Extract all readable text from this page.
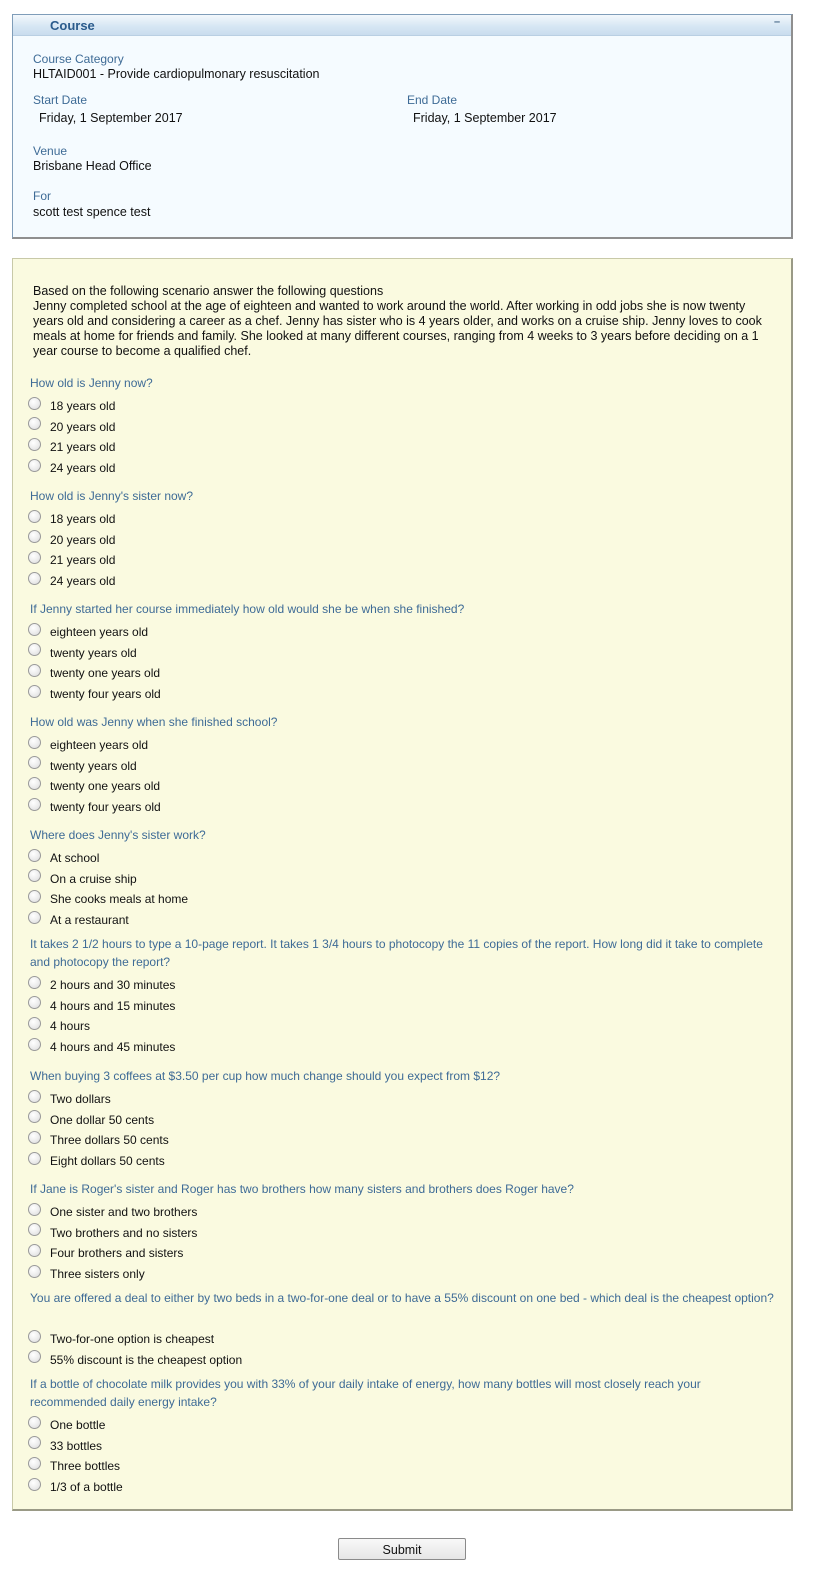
Course	–
Course Category
HLTAID001 - Provide cardiopulmonary resuscitation
Start Date
Friday, 1 September 2017
End Date
Friday, 1 September 2017
Venue
Brisbane Head Office
For
scott test spence test
Based on the following scenario answer the following questions
Jenny completed school at the age of eighteen and wanted to work around the world. After working in odd jobs she is now twenty years old and considering a career as a chef. Jenny has sister who is 4 years older, and works on a cruise ship. Jenny loves to cook meals at home for friends and family. She looked at many different courses, ranging from 4 weeks to 3 years before deciding on a 1 year course to become a qualified chef.
How old is Jenny now?
18 years old
20 years old
21 years old
24 years old
How old is Jenny's sister now?
18 years old
20 years old
21 years old
24 years old
If Jenny started her course immediately how old would she be when she finished?
eighteen years old
twenty years old
twenty one years old
twenty four years old
How old was Jenny when she finished school?
eighteen years old
twenty years old
twenty one years old
twenty four years old
Where does Jenny's sister work?
At school
On a cruise ship
She cooks meals at home
At a restaurant
It takes 2 1/2 hours to type a 10-page report. It takes 1 3/4 hours to photocopy the 11 copies of the report. How long did it take to complete and photocopy the report?
2 hours and 30 minutes
4 hours and 15 minutes
4 hours
4 hours and 45 minutes
When buying 3 coffees at $3.50 per cup how much change should you expect from $12?
Two dollars
One dollar 50 cents
Three dollars 50 cents
Eight dollars 50 cents
If Jane is Roger's sister and Roger has two brothers how many sisters and brothers does Roger have?
One sister and two brothers
Two brothers and no sisters
Four brothers and sisters
Three sisters only
You are offered a deal to either by two beds in a two-for-one deal or to have a 55% discount on one bed - which deal is the cheapest option?
Two-for-one option is cheapest
55% discount is the cheapest option
If a bottle of chocolate milk provides you with 33% of your daily intake of energy, how many bottles will most closely reach your recommended daily energy intake?
One bottle
33 bottles
Three bottles
1/3 of a bottle
Submit
